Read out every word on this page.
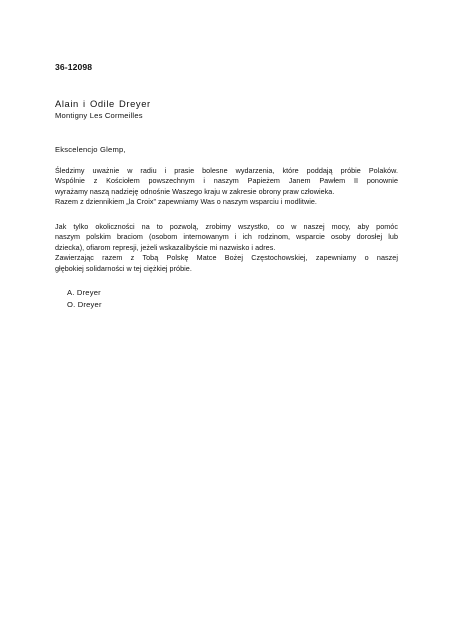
36-12098
Alain i Odile Dreyer
Montigny Les Cormeilles
Ekscelencjo Glemp,
Śledzimy uważnie w radiu i prasie bolesne wydarzenia, które poddają próbie Polaków.
Wspólnie z Kościołem powszechnym i naszym Papieżem Janem Pawłem II ponownie
wyrażamy naszą nadzieję odnośnie Waszego kraju w zakresie obrony praw człowieka.
Razem z dziennikiem „la Croix” zapewniamy Was o naszym wsparciu i modlitwie.
Jak tylko okoliczności na to pozwolą, zrobimy wszystko, co w naszej mocy, aby pomóc
naszym polskim braciom (osobom internowanym i ich rodzinom, wsparcie osoby dorosłej lub
dziecka), ofiarom represji, jeżeli wskazalibyście mi nazwisko i adres.
Zawierzając razem z Tobą Polskę Matce Bożej Częstochowskiej, zapewniamy o naszej
głębokiej solidarności w tej ciężkiej próbie.
A. Dreyer
O. Dreyer
